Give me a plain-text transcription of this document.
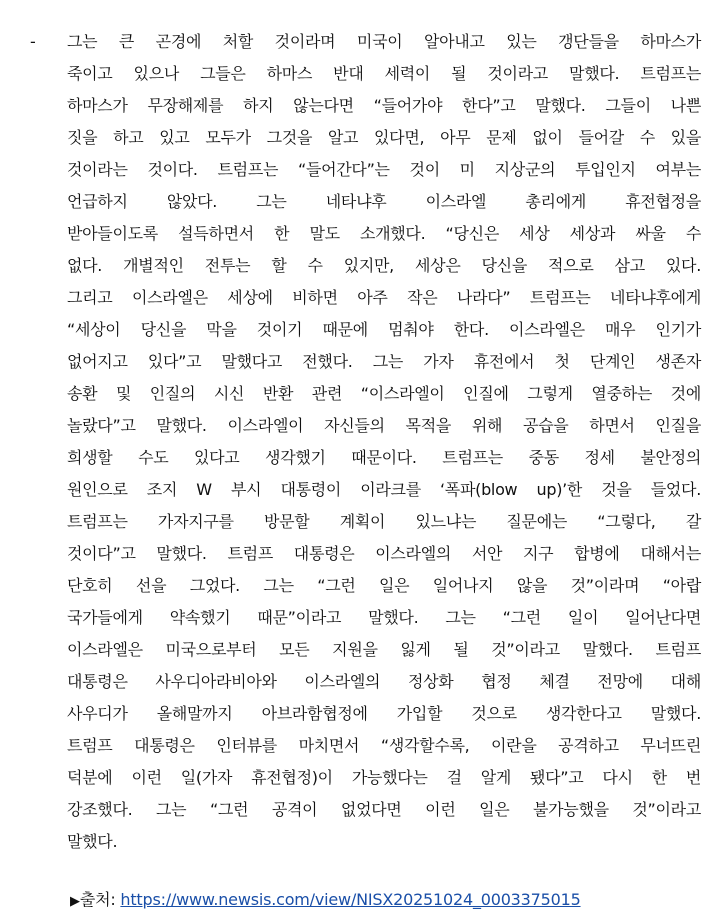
- 그는 큰 곤경에 처할 것이라며 미국이 알아내고 있는 갱단들을 하마스가
죽이고 있으나 그들은 하마스 반대 세력이 될 것이라고 말했다. 트럼프는
하마스가 무장해제를 하지 않는다면 “들어가야 한다”고 말했다. 그들이 나쁜
짓을 하고 있고 모두가 그것을 알고 있다면, 아무 문제 없이 들어갈 수 있을
것이라는 것이다. 트럼프는 “들어간다”는 것이 미 지상군의 투입인지 여부는
언급하지 않았다. 그는 네타냐후 이스라엘 총리에게 휴전협정을
받아들이도록 설득하면서 한 말도 소개했다. “당신은 세상 세상과 싸울 수
없다. 개별적인 전투는 할 수 있지만, 세상은 당신을 적으로 삼고 있다.
그리고 이스라엘은 세상에 비하면 아주 작은 나라다” 트럼프는 네타냐후에게
“세상이 당신을 막을 것이기 때문에 멈춰야 한다. 이스라엘은 매우 인기가
없어지고 있다”고 말했다고 전했다. 그는 가자 휴전에서 첫 단계인 생존자
송환 및 인질의 시신 반환 관련 “이스라엘이 인질에 그렇게 열중하는 것에
놀랐다”고 말했다. 이스라엘이 자신들의 목적을 위해 공습을 하면서 인질을
희생할 수도 있다고 생각했기 때문이다. 트럼프는 중동 정세 불안정의
원인으로 조지 W 부시 대통령이 이라크를 ‘폭파(blow up)’한 것을 들었다.
트럼프는 가자지구를 방문할 계획이 있느냐는 질문에는 “그렇다, 갈
것이다”고 말했다. 트럼프 대통령은 이스라엘의 서안 지구 합병에 대해서는
단호히 선을 그었다. 그는 “그런 일은 일어나지 않을 것”이라며 “아랍
국가들에게 약속했기 때문”이라고 말했다. 그는 “그런 일이 일어난다면
이스라엘은 미국으로부터 모든 지원을 잃게 될 것”이라고 말했다. 트럼프
대통령은 사우디아라비아와 이스라엘의 정상화 협정 체결 전망에 대해
사우디가 올해말까지 아브라함협정에 가입할 것으로 생각한다고 말했다.
트럼프 대통령은 인터뷰를 마치면서 “생각할수록, 이란을 공격하고 무너뜨린
덕분에 이런 일(가자 휴전협정)이 가능했다는 걸 알게 됐다”고 다시 한 번
강조했다. 그는 “그런 공격이 없었다면 이런 일은 불가능했을 것”이라고
말했다.
▶출처: https://www.newsis.com/view/NISX20251024_0003375015
